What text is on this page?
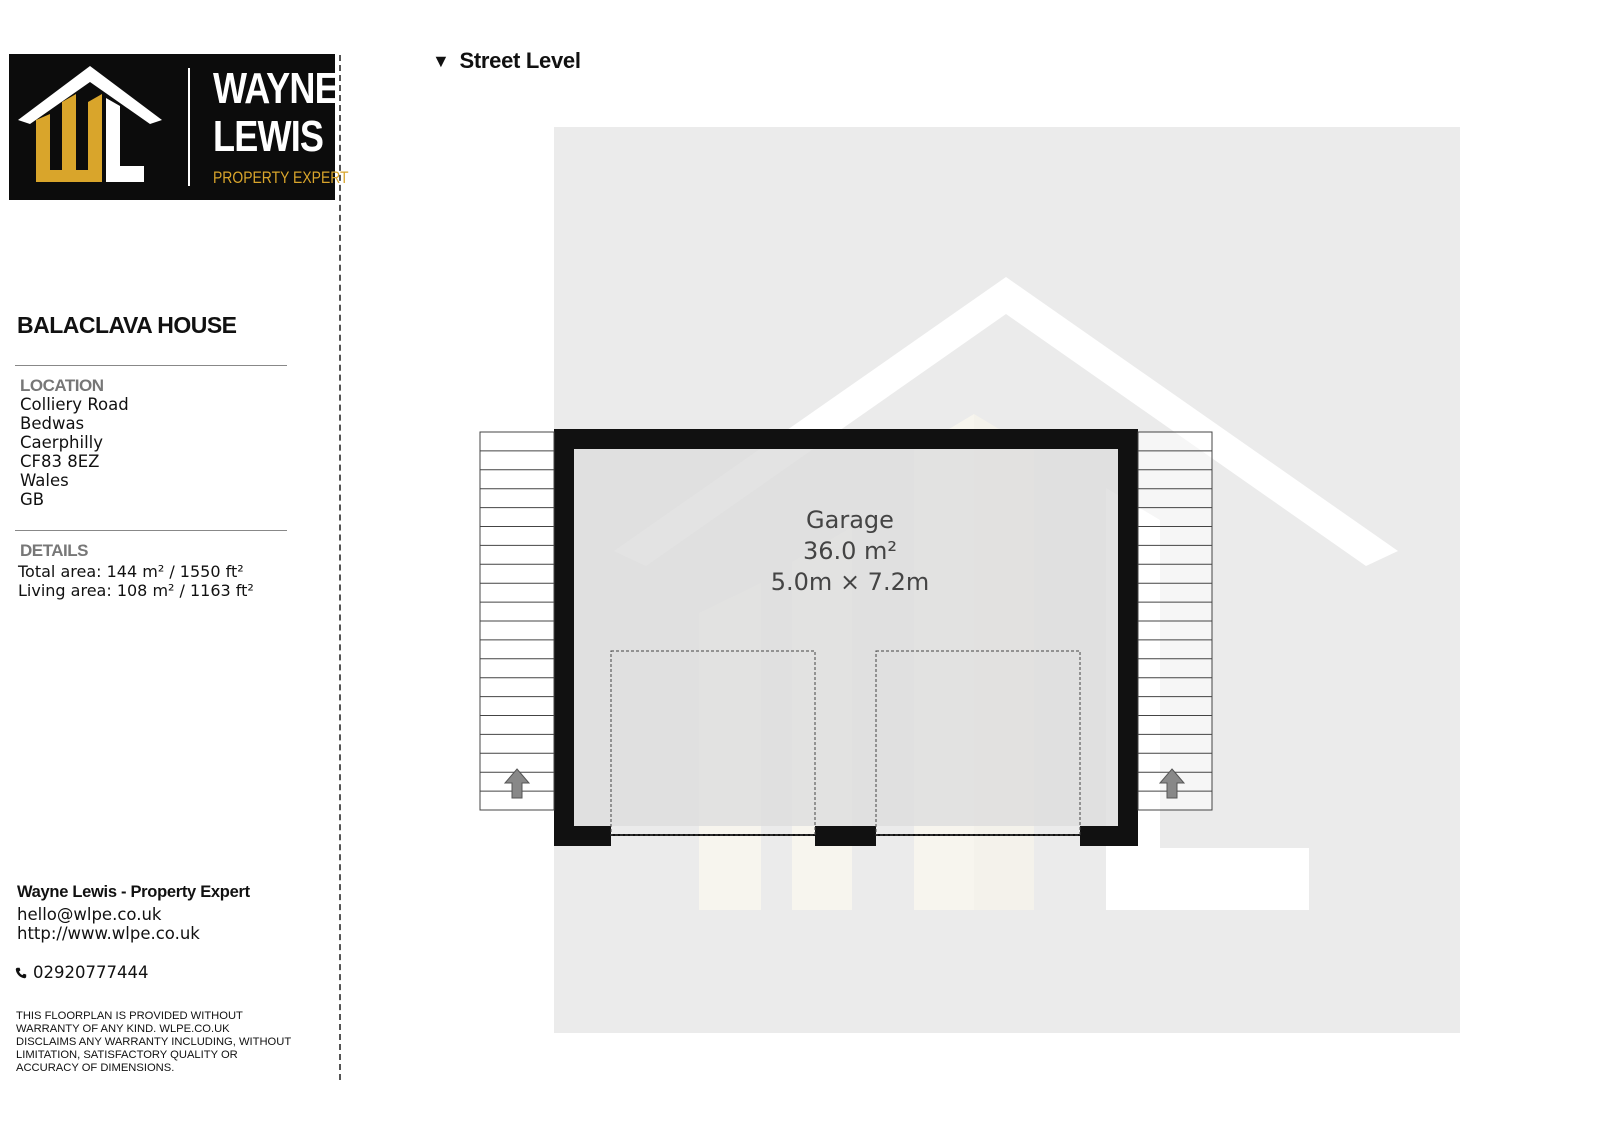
WAYNE
LEWIS
PROPERTY EXPERT
BALACLAVA HOUSE
LOCATION
Colliery Road
Bedwas
Caerphilly
CF83 8EZ
Wales
GB
DETAILS
Total area: 144 m² / 1550 ft²
Living area: 108 m² / 1163 ft²
Wayne Lewis - Property Expert
hello@wlpe.co.uk
http://www.wlpe.co.uk
02920777444
THIS FLOORPLAN IS PROVIDED WITHOUT WARRANTY OF ANY KIND. WLPE.CO.UK DISCLAIMS ANY WARRANTY INCLUDING, WITHOUT LIMITATION, SATISFACTORY QUALITY OR ACCURACY OF DIMENSIONS.
▼ Street Level
Garage
36.0 m²
5.0m × 7.2m
